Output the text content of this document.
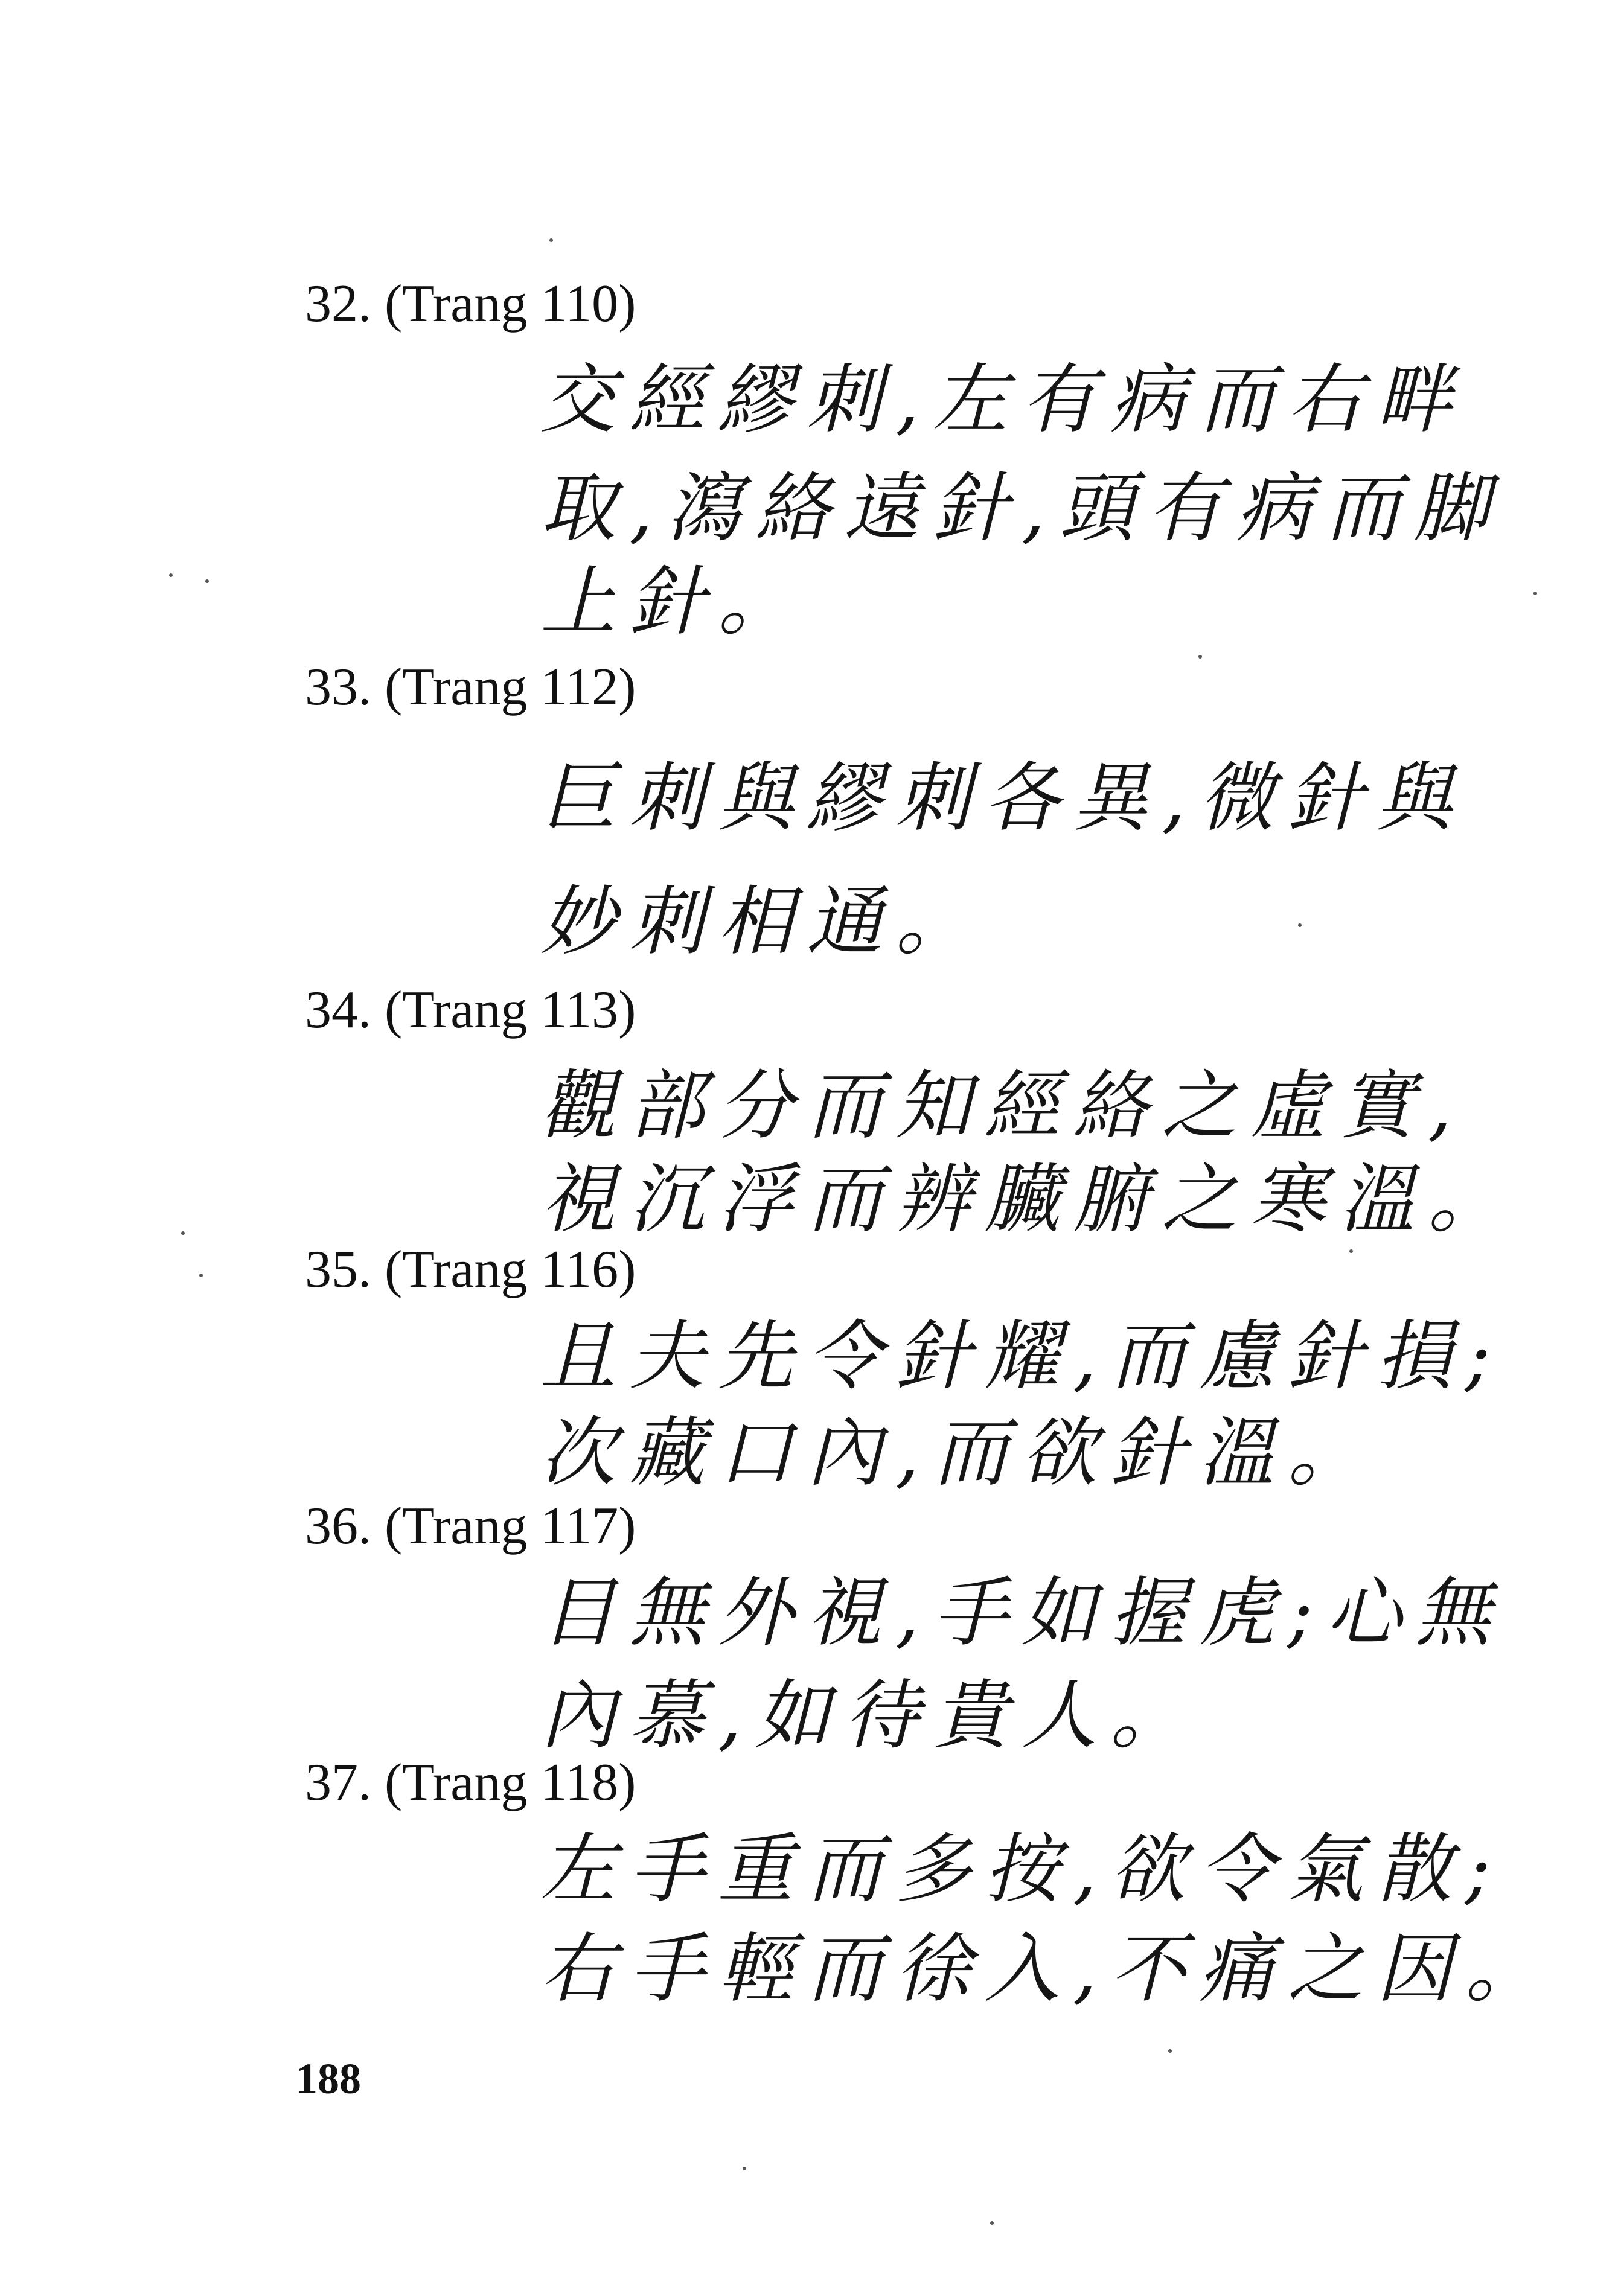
32. (Trang 110)
交經繆刺,左有病而右畔
取,瀉絡遠針,頭有病而脚
上針。
33. (Trang 112)
巨刺與繆刺各異,微針與
妙刺相通。
34. (Trang 113)
觀部分而知經絡之虛實,
視沉浮而辨臟腑之寒溫。
35. (Trang 116)
且夫先令針耀,而慮針損;
次藏口內,而欲針溫。
36. (Trang 117)
目無外視,手如握虎;心無
內慕,如待貴人。
37. (Trang 118)
左手重而多按,欲令氣散;
右手輕而徐入,不痛之因。
188
